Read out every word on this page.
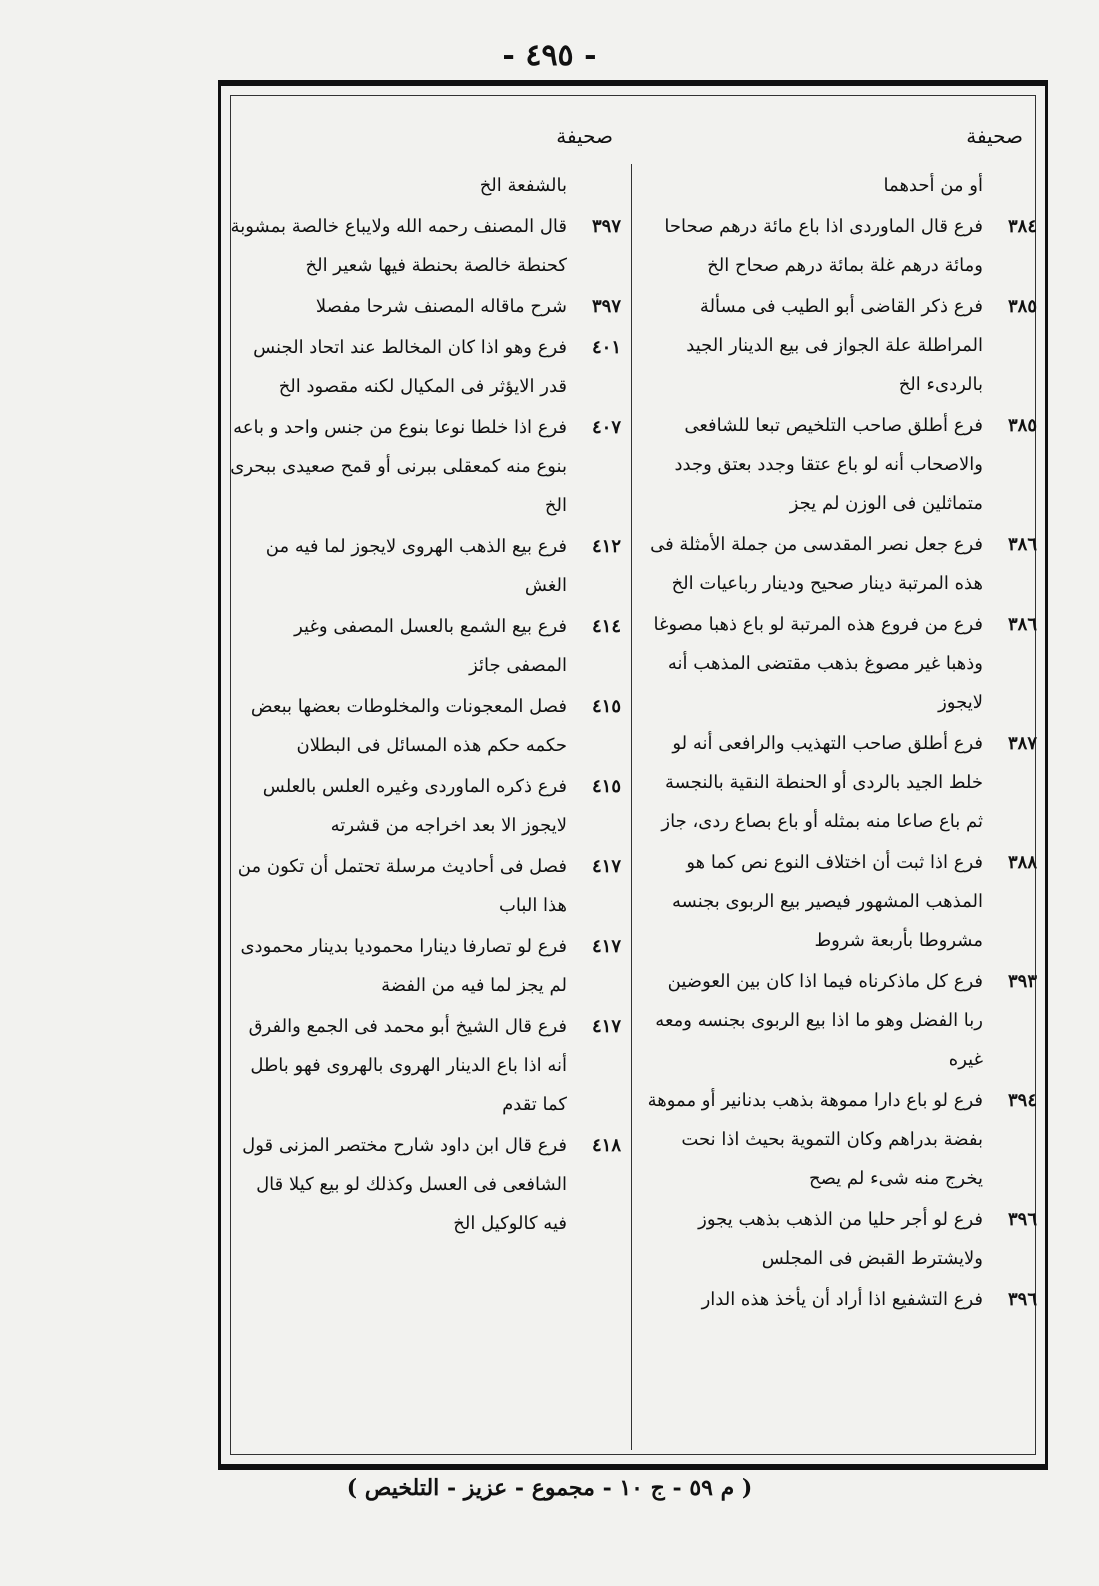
- ٤٩٥ -
صحيفة
صحيفة
أو من أحدهما
٣٨٤
فرع قال الماوردى اذا باع مائة درهم صحاحا ومائة درهم غلة بمائة درهم صحاح الخ
٣٨٥
فرع ذكر القاضى أبو الطيب فى مسألة المراطلة علة الجواز فى بيع الدينار الجيد بالردىء الخ
٣٨٥
فرع أطلق صاحب التلخيص تبعا للشافعى والاصحاب أنه لو باع عتقا وجدد بعتق وجدد متماثلين فى الوزن لم يجز
٣٨٦
فرع جعل نصر المقدسى من جملة الأمثلة فى هذه المرتبة دينار صحيح ودينار رباعيات الخ
٣٨٦
فرع من فروع هذه المرتبة لو باع ذهبا مصوغا وذهبا غير مصوغ بذهب مقتضى المذهب أنه لايجوز
٣٨٧
فرع أطلق صاحب التهذيب والرافعى أنه لو خلط الجيد بالردى أو الحنطة النقية بالنجسة ثم باع صاعا منه بمثله أو باع بصاع ردى، جاز
٣٨٨
فرع اذا ثبت أن اختلاف النوع نص كما هو المذهب المشهور فيصير بيع الربوى بجنسه مشروطا بأربعة شروط
٣٩٣
فرع كل ماذكرناه فيما اذا كان بين العوضين ربا الفضل وهو ما اذا بيع الربوى بجنسه ومعه غيره
٣٩٤
فرع لو باع دارا مموهة بذهب بدنانير أو مموهة بفضة بدراهم وكان التموية بحيث اذا نحت يخرج منه شىء لم يصح
٣٩٦
فرع لو أجر حليا من الذهب بذهب يجوز ولايشترط القبض فى المجلس
٣٩٦
فرع التشفيع اذا أراد أن يأخذ هذه الدار
بالشفعة الخ
٣٩٧
قال المصنف رحمه الله ولايباع خالصة بمشوبة كحنطة خالصة بحنطة فيها شعير الخ
٣٩٧
شرح ماقاله المصنف شرحا مفصلا
٤٠١
فرع وهو اذا كان المخالط عند اتحاد الجنس قدر الايؤثر فى المكيال لكنه مقصود الخ
٤٠٧
فرع اذا خلطا نوعا بنوع من جنس واحد و باعه بنوع منه كمعقلى ببرنى أو قمح صعيدى ببحرى الخ
٤١٢
فرع بيع الذهب الهروى لايجوز لما فيه من الغش
٤١٤
فرع بيع الشمع بالعسل المصفى وغير المصفى جائز
٤١٥
فصل المعجونات والمخلوطات بعضها ببعض حكمه حكم هذه المسائل فى البطلان
٤١٥
فرع ذكره الماوردى وغيره العلس بالعلس لايجوز الا بعد اخراجه من قشرته
٤١٧
فصل فى أحاديث مرسلة تحتمل أن تكون من هذا الباب
٤١٧
فرع لو تصارفا دينارا محموديا بدينار محمودى لم يجز لما فيه من الفضة
٤١٧
فرع قال الشيخ أبو محمد فى الجمع والفرق أنه اذا باع الدينار الهروى بالهروى فهو باطل كما تقدم
٤١٨
فرع قال ابن داود شارح مختصر المزنى قول الشافعى فى العسل وكذلك لو بيع كيلا قال فيه كالوكيل الخ
( م ٥٩ - ج ١٠ - مجموع - عزيز - التلخيص )
